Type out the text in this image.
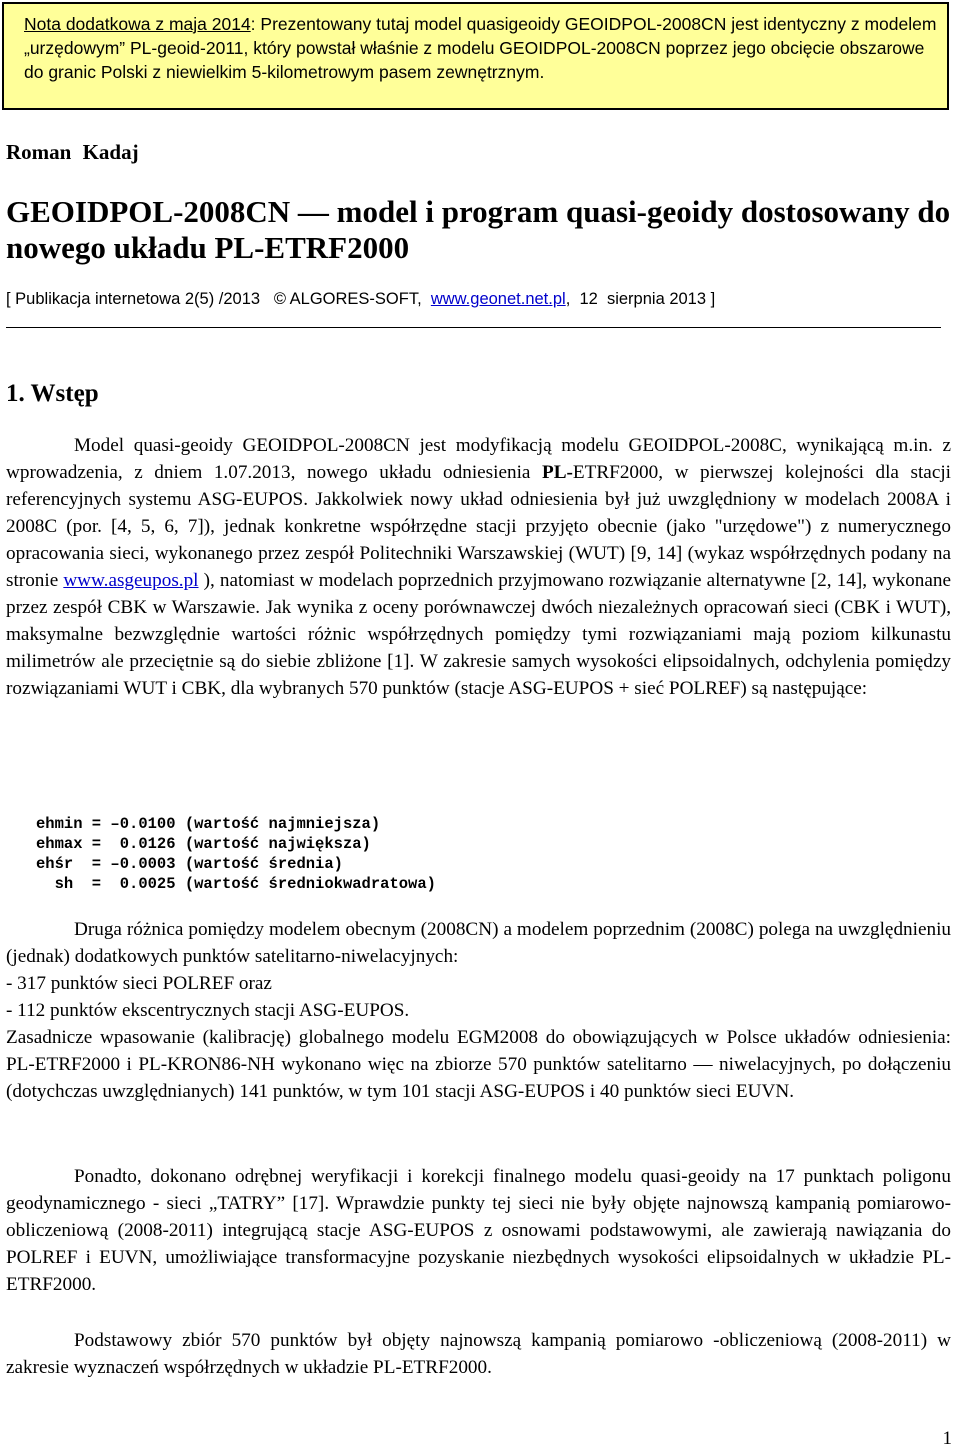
Nota dodatkowa z maja 2014: Prezentowany tutaj model quasigeoidy GEOIDPOL-2008CN jest identyczny z modelem „urzędowym” PL-geoid-2011, który powstał właśnie z modelu GEOIDPOL-2008CN poprzez jego obcięcie obszarowe do granic Polski z niewielkim 5-kilometrowym pasem zewnętrznym.
Roman Kadaj
GEOIDPOL-2008CN — model i program quasi-geoidy dostosowany do nowego układu PL-ETRF2000
[ Publikacja internetowa 2(5) /2013   © ALGORES-SOFT,  www.geonet.net.pl,  12  sierpnia 2013 ]
1. Wstęp

Model quasi-geoidy GEOIDPOL-2008CN jest modyfikacją modelu GEOIDPOL-2008C, wynikającą m.in. z wprowadzenia, z dniem 1.07.2013, nowego układu odniesienia PL-ETRF2000, w pierwszej kolejności dla stacji referencyjnych systemu ASG-EUPOS. Jakkolwiek nowy układ odniesienia był już uwzględniony w modelach 2008A i 2008C (por. [4, 5, 6, 7]), jednak konkretne współrzędne stacji przyjęto obecnie (jako "urzędowe") z numerycznego opracowania sieci, wykonanego przez zespół Politechniki Warszawskiej (WUT) [9, 14] (wykaz współrzędnych podany na stronie www.asgeupos.pl ), natomiast w modelach poprzednich przyjmowano rozwiązanie alternatywne [2, 14], wykonane przez zespół CBK w Warszawie. Jak wynika z oceny porównawczej dwóch niezależnych opracowań sieci (CBK i WUT), maksymalne bezwzględnie wartości różnic współrzędnych pomiędzy tymi rozwiązaniami mają poziom kilkunastu milimetrów ale przeciętnie są do siebie zbliżone [1]. W zakresie samych wysokości elipsoidalnych, odchylenia pomiędzy rozwiązaniami WUT i CBK, dla wybranych 570 punktów (stacje ASG-EUPOS + sieć POLREF) są następujące:

ehmin = –0.0100 (wartość najmniejsza)
ehmax =  0.0126 (wartość największa)
ehśr  = –0.0003 (wartość średnia)
sh  =  0.0025 (wartość średniokwadratowa)
Druga różnica pomiędzy modelem obecnym (2008CN) a modelem poprzednim (2008C) polega na uwzględnieniu (jednak) dodatkowych punktów satelitarno-niwelacyjnych:
- 317 punktów sieci POLREF oraz
- 112 punktów ekscentrycznych stacji ASG-EUPOS.
Zasadnicze wpasowanie (kalibrację) globalnego modelu EGM2008 do obowiązujących w Polsce układów odniesienia: PL-ETRF2000 i PL-KRON86-NH wykonano więc na zbiorze 570 punktów satelitarno — niwelacyjnych, po dołączeniu (dotychczas uwzględnianych) 141 punktów, w tym 101 stacji ASG-EUPOS i 40 punktów sieci EUVN.

Ponadto, dokonano odrębnej weryfikacji i korekcji finalnego modelu quasi-geoidy na 17 punktach poligonu geodynamicznego - sieci „TATRY” [17]. Wprawdzie punkty tej sieci nie były objęte najnowszą kampanią pomiarowo-obliczeniową (2008-2011) integrującą stacje ASG-EUPOS z osnowami podstawowymi, ale zawierają nawiązania do POLREF i EUVN, umożliwiające transformacyjne pozyskanie niezbędnych wysokości elipsoidalnych w układzie PL-ETRF2000.

Podstawowy zbiór 570 punktów był objęty najnowszą kampanią pomiarowo -obliczeniową (2008-2011) w zakresie wyznaczeń współrzędnych w układzie PL-ETRF2000.

1
